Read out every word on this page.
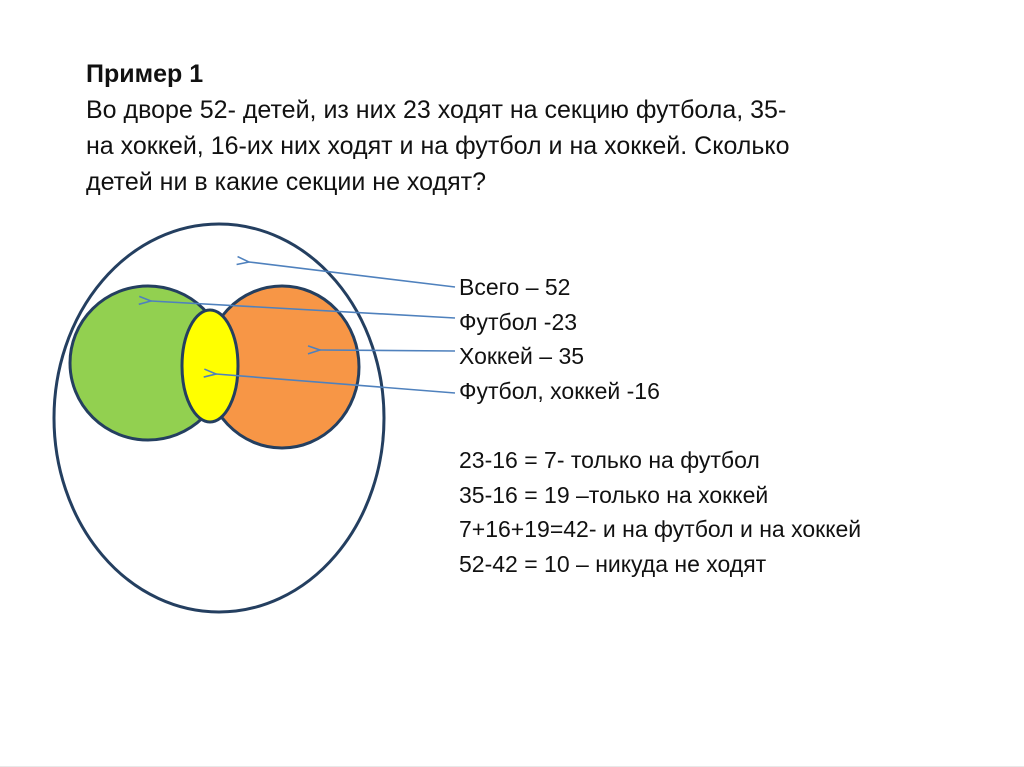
Пример 1
Во дворе 52- детей, из них 23 ходят на секцию футбола, 35-
на хоккей, 16-их них ходят и на футбол и на хоккей. Сколько
детей ни в какие секции не ходят?
Всего – 52
Футбол -23
Хоккей – 35
Футбол, хоккей -16
23-16 = 7- только на футбол
35-16 = 19 –только на хоккей
7+16+19=42- и на футбол и на хоккей
52-42 = 10 – никуда не ходят
